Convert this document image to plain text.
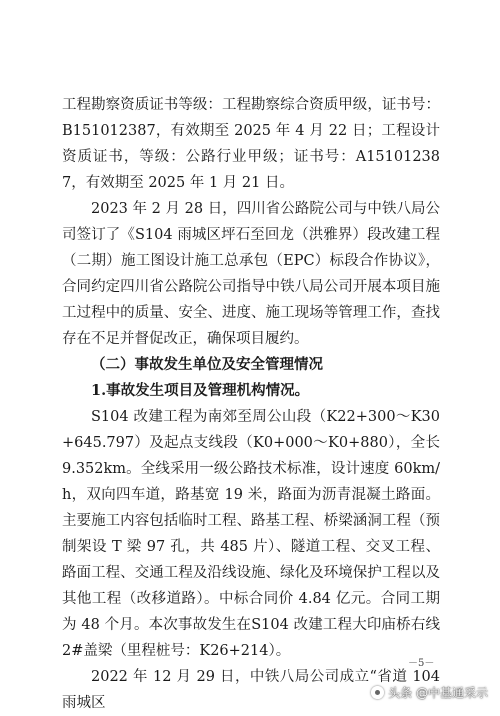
工程勘察资质证书等级：工程勘察综合资质甲级，证书号：B151012387，有效期至 2025 年 4 月 22 日；工程设计资质证书，等级：公路行业甲级；证书号：A151012387，有效期至 2025 年 1 月 21 日。

2023 年 2 月 28 日，四川省公路院公司与中铁八局公司签订了《S104 雨城区坪石至回龙（洪雅界）段改建工程（二期）施工图设计施工总承包（EPC）标段合作协议》，合同约定四川省公路院公司指导中铁八局公司开展本项目施工过程中的质量、安全、进度、施工现场等管理工作，查找存在不足并督促改正，确保项目履约。

（二）事故发生单位及安全管理情况

1.事故发生项目及管理机构情况。

S104 改建工程为南郊至周公山段（K22+300～K30+645.797）及起点支线段（K0+000～K0+880），全长 9.352km。全线采用一级公路技术标准，设计速度 60km/h，双向四车道，路基宽 19 米，路面为沥青混凝土路面。主要施工内容包括临时工程、路基工程、桥梁涵洞工程（预制架设 T 梁 97 孔，共 485 片）、隧道工程、交叉工程、路面工程、交通工程及沿线设施、绿化及环境保护工程以及其他工程（改移道路）。中标合同价 4.84 亿元。合同工期为 48 个月。本次事故发生在S104 改建工程大印庙桥右线 2#盖梁（里程桩号：K26+214）。

2022 年 12 月 29 日，中铁八局公司成立“省道 104 雨城区

－5－
头条 @中基通采示
